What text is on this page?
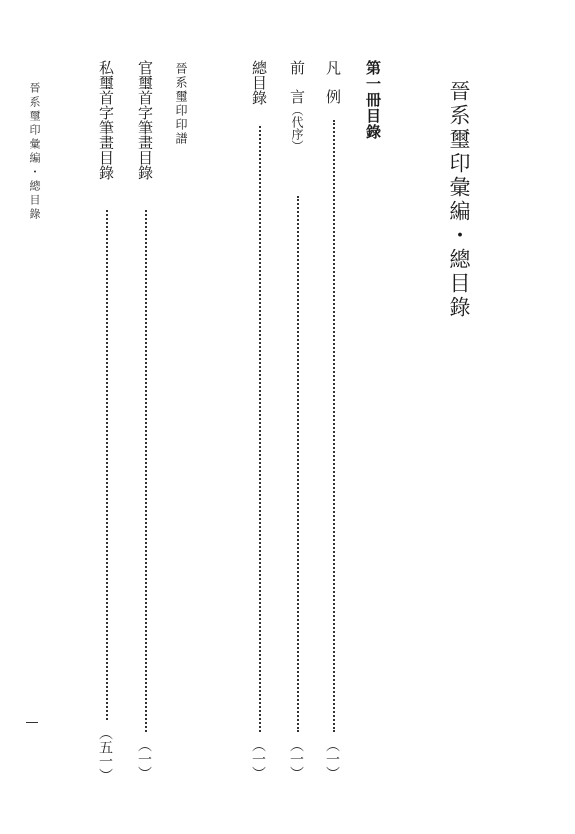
晉系璽印彙編・總目錄	晉系璽印彙編・總目錄
第一冊目錄
凡例
（一）
前言（代序）
（一）
總目錄
（一）
晉系璽印印譜
官璽首字筆畫目錄
（一）
私璽首字筆畫目錄
（五一）
